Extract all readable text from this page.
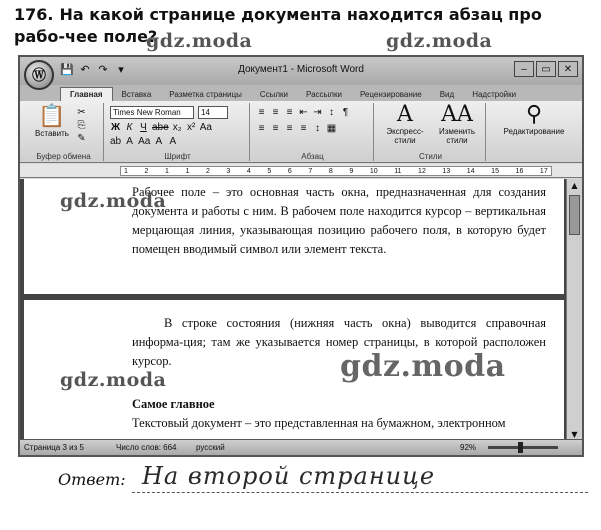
176. На какой странице документа находится абзац про рабо-чее поле?
gdz.moda	gdz.moda
Ⓦ	💾 ↶ ↷ ▾	Документ1 - Microsoft Word	–	▭	✕
Главная	Вставка	Разметка страницы	Ссылки	Рассылки	Рецензирование	Вид	Надстройки
📋
Вставить
✂
⎘
✎
Буфер обмена
Times New Roman	14
Ж К Ч abe x₂ x² Aa
ab A Aa A A
Шрифт
≡ ≡ ≡ ⇤ ⇥ ↕ ¶
≡ ≡ ≡ ≡ ↕ ▦
Абзац
A
Экспресс-стили
AA
Изменить стили
Стили
⚲
Редактирование
1 2 1 1 2 3 4 5 6 7 8 9 10 11 12 13 14 15 16 17
Рабочее поле – это основная часть окна, предназначенная для создания документа и работы с ним. В рабочем поле находится курсор – вертикальная мерцающая линия, указывающая позицию рабочего поля, в которую будет помещен вводимый символ или элемент текста.
В строке состояния (нижняя часть окна) выводится справочная информа-ция; там же указывается номер страницы, в которой расположен курсор.
Самое главное
Текстовый документ – это представленная на бумажном, электронном
▲
▼
Страница 3 из 5	Число слов: 664 русский	92%
gdz.moda
gdz.moda	gdz.moda
Ответ: На второй странице
